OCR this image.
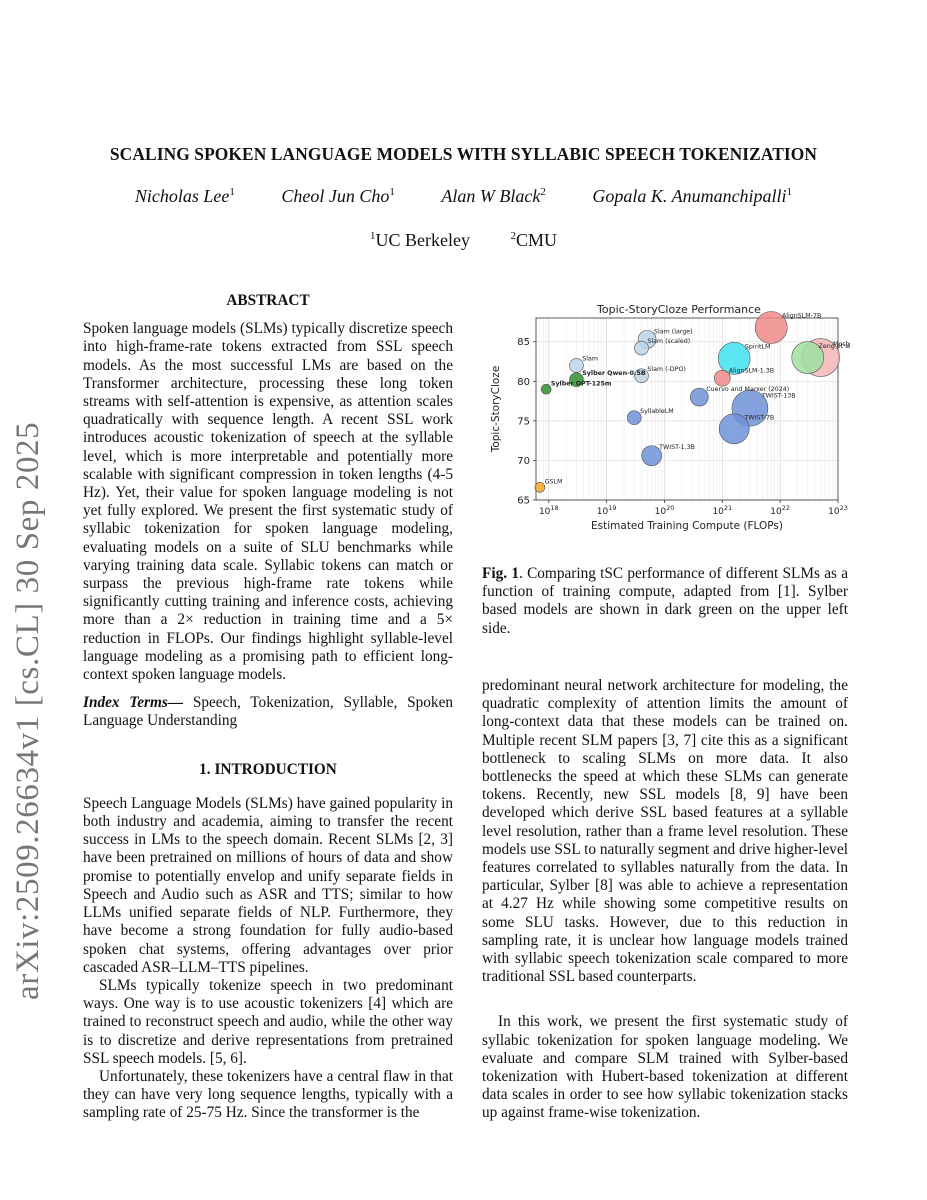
arXiv:2509.26634v1 [cs.CL] 30 Sep 2025
SCALING SPOKEN LANGUAGE MODELS WITH SYLLABIC SPEECH TOKENIZATION
Nicholas Lee$^1$	Cheol Jun Cho$^1$	Alan W Black$^2$	Gopala K. Anumanchipalli$^1$
$^1$UC Berkeley	$^2$CMU

ABSTRACT

Spoken language models (SLMs) typically discretize speech into high-frame-rate tokens extracted from SSL speech models. As the most successful LMs are based on the Transformer architecture, processing these long token streams with self-attention is expensive, as attention scales quadratically with sequence length. A recent SSL work introduces acoustic tokenization of speech at the syllable level, which is more interpretable and potentially more scalable with significant compression in token lengths (4-5 Hz). Yet, their value for spoken language modeling is not yet fully explored. We present the first systematic study of syllabic tokenization for spoken language modeling, evaluating models on a suite of SLU benchmarks while varying training data scale. Syllabic tokens can match or surpass the previous high-frame rate tokens while significantly cutting training and inference costs, achieving more than a 2× reduction in training time and a 5× reduction in FLOPs. Our findings highlight syllable-level language modeling as a promising path to efficient long-context spoken language models.

Index Terms— Speech, Tokenization, Syllable, Spoken Language Understanding

1. INTRODUCTION

Speech Language Models (SLMs) have gained popularity in both industry and academia, aiming to transfer the recent success in LMs to the speech domain. Recent SLMs [2, 3] have been pretrained on millions of hours of data and show promise to potentially envelop and unify separate fields in Speech and Audio such as ASR and TTS; similar to how LLMs unified separate fields of NLP. Furthermore, they have become a strong foundation for fully audio-based spoken chat systems, offering advantages over prior cascaded ASR–LLM–TTS pipelines.

SLMs typically tokenize speech in two predominant ways. One way is to use acoustic tokenizers [4] which are trained to reconstruct speech and audio, while the other way is to discretize and derive representations from pretrained SSL speech models. [5, 6].

Unfortunately, these tokenizers have a central flaw in that they can have very long sequence lengths, typically with a sampling rate of 25-75 Hz. Since the transformer is the

Topic-StoryCloze Performance
$10^{18}$	$10^{19}$	$10^{20}$	$10^{21}$	$10^{22}$	$10^{23}$
65
70
75
80
85
GSLM
Slam
Sylber Qwen-0.5B
Sylber OPT-125m
Slam (large)
Slam (scaled)
Slam (-DPO)
SyllableLM
TWIST-1.3B
Cuervo and Marxer (2024)
AlignSLM-1.3B
TWIST-13B
TWIST-7B
SpiritLM
AlignSLM-7B
Zeng et a
Moshi
Estimated Training Compute (FLOPs)
Topic-StoryCloze
Fig. 1. Comparing tSC performance of different SLMs as a function of training compute, adapted from [1]. Sylber based models are shown in dark green on the upper left side.

predominant neural network architecture for modeling, the quadratic complexity of attention limits the amount of long-context data that these models can be trained on. Multiple recent SLM papers [3, 7] cite this as a significant bottleneck to scaling SLMs on more data. It also bottlenecks the speed at which these SLMs can generate tokens. Recently, new SSL models [8, 9] have been developed which derive SSL based features at a syllable level resolution, rather than a frame level resolution. These models use SSL to naturally segment and drive higher-level features correlated to syllables naturally from the data. In particular, Sylber [8] was able to achieve a representation at 4.27 Hz while showing some competitive results on some SLU tasks. However, due to this reduction in sampling rate, it is unclear how language models trained with syllabic speech tokenization scale compared to more traditional SSL based counterparts.

In this work, we present the first systematic study of syllabic tokenization for spoken language modeling. We evaluate and compare SLM trained with Sylber-based tokenization with Hubert-based tokenization at different data scales in order to see how syllabic tokenization stacks up against frame-wise tokenization.
